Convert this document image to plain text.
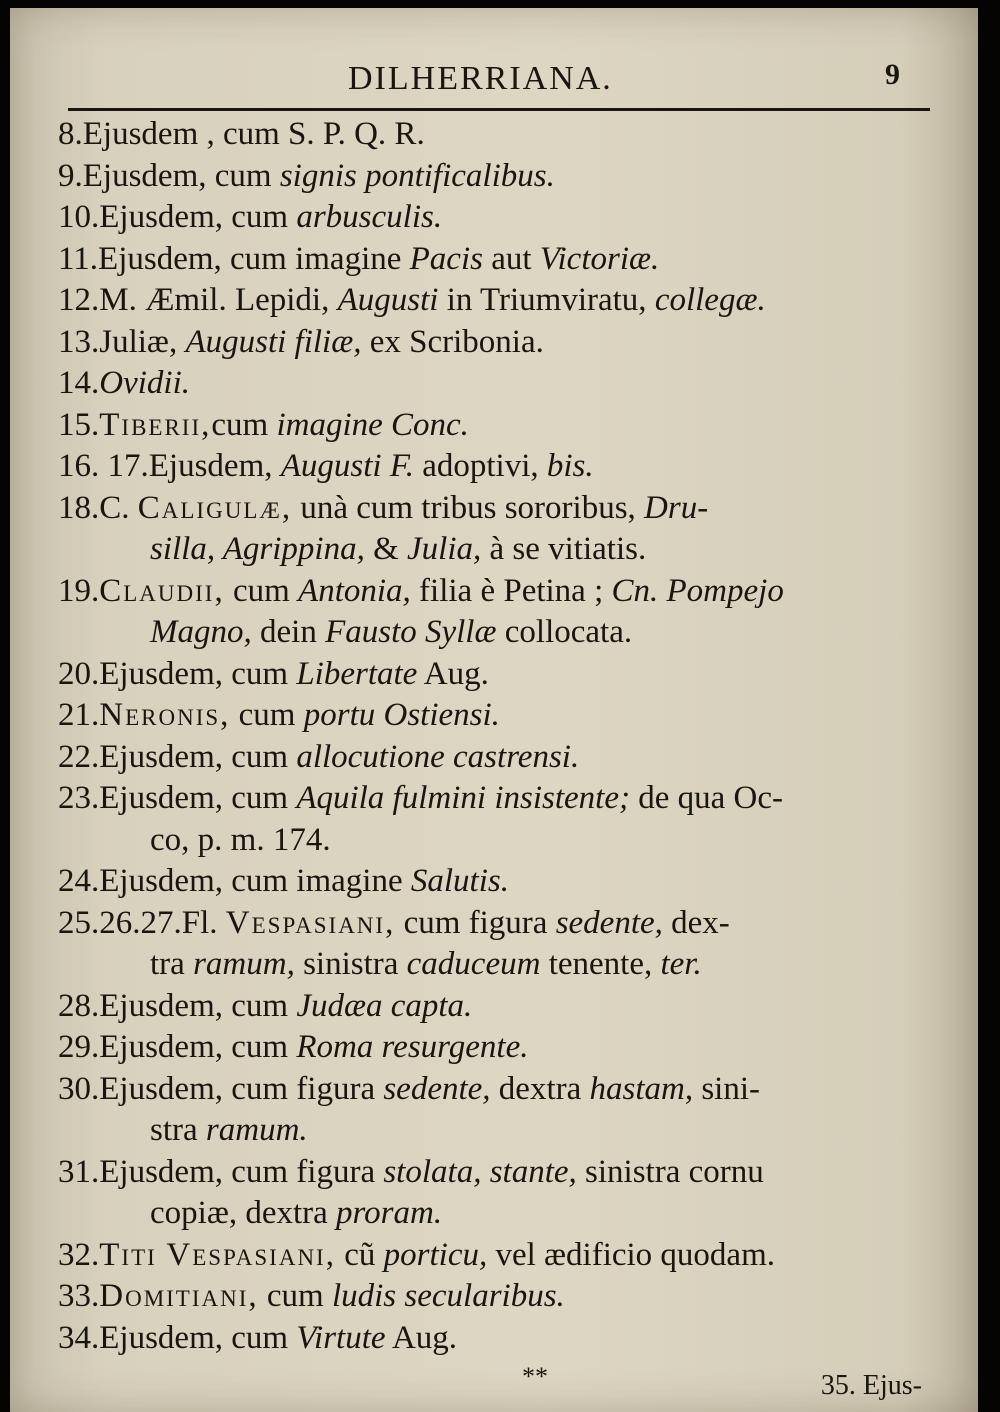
DILHERRIANA.	9
8.Ejusdem , cum S. P. Q. R.
9.Ejusdem, cum signis pontificalibus.
10.Ejusdem, cum arbusculis.
11.Ejusdem, cum imagine Pacis aut Victoriæ.
12.M. Æmil. Lepidi, Augusti in Triumviratu, collegæ.
13.Juliæ, Augusti filiæ, ex Scribonia.
14.Ovidii.
15.Tiberii,cum imagine Conc.
16. 17.Ejusdem, Augusti F. adoptivi, bis.
18.C. Caligulæ, unà cum tribus sororibus, Dru-
silla, Agrippina, & Julia, à se vitiatis.
19.Claudii, cum Antonia, filia è Petina ; Cn. Pompejo
Magno, dein Fausto Syllæ collocata.
20.Ejusdem, cum Libertate Aug.
21.Neronis, cum portu Ostiensi.
22.Ejusdem, cum allocutione castrensi.
23.Ejusdem, cum Aquila fulmini insistente; de qua Oc-
co, p. m. 174.
24.Ejusdem, cum imagine Salutis.
25.26.27.Fl. Vespasiani, cum figura sedente, dex-
tra ramum, sinistra caduceum tenente, ter.
28.Ejusdem, cum Judæa capta.
29.Ejusdem, cum Roma resurgente.
30.Ejusdem, cum figura sedente, dextra hastam, sini-
stra ramum.
31.Ejusdem, cum figura stolata, stante, sinistra cornu
copiæ, dextra proram.
32.Titi Vespasiani, cũ porticu, vel ædificio quodam.
33.Domitiani, cum ludis secularibus.
34.Ejusdem, cum Virtute Aug.
**	35. Ejus-
